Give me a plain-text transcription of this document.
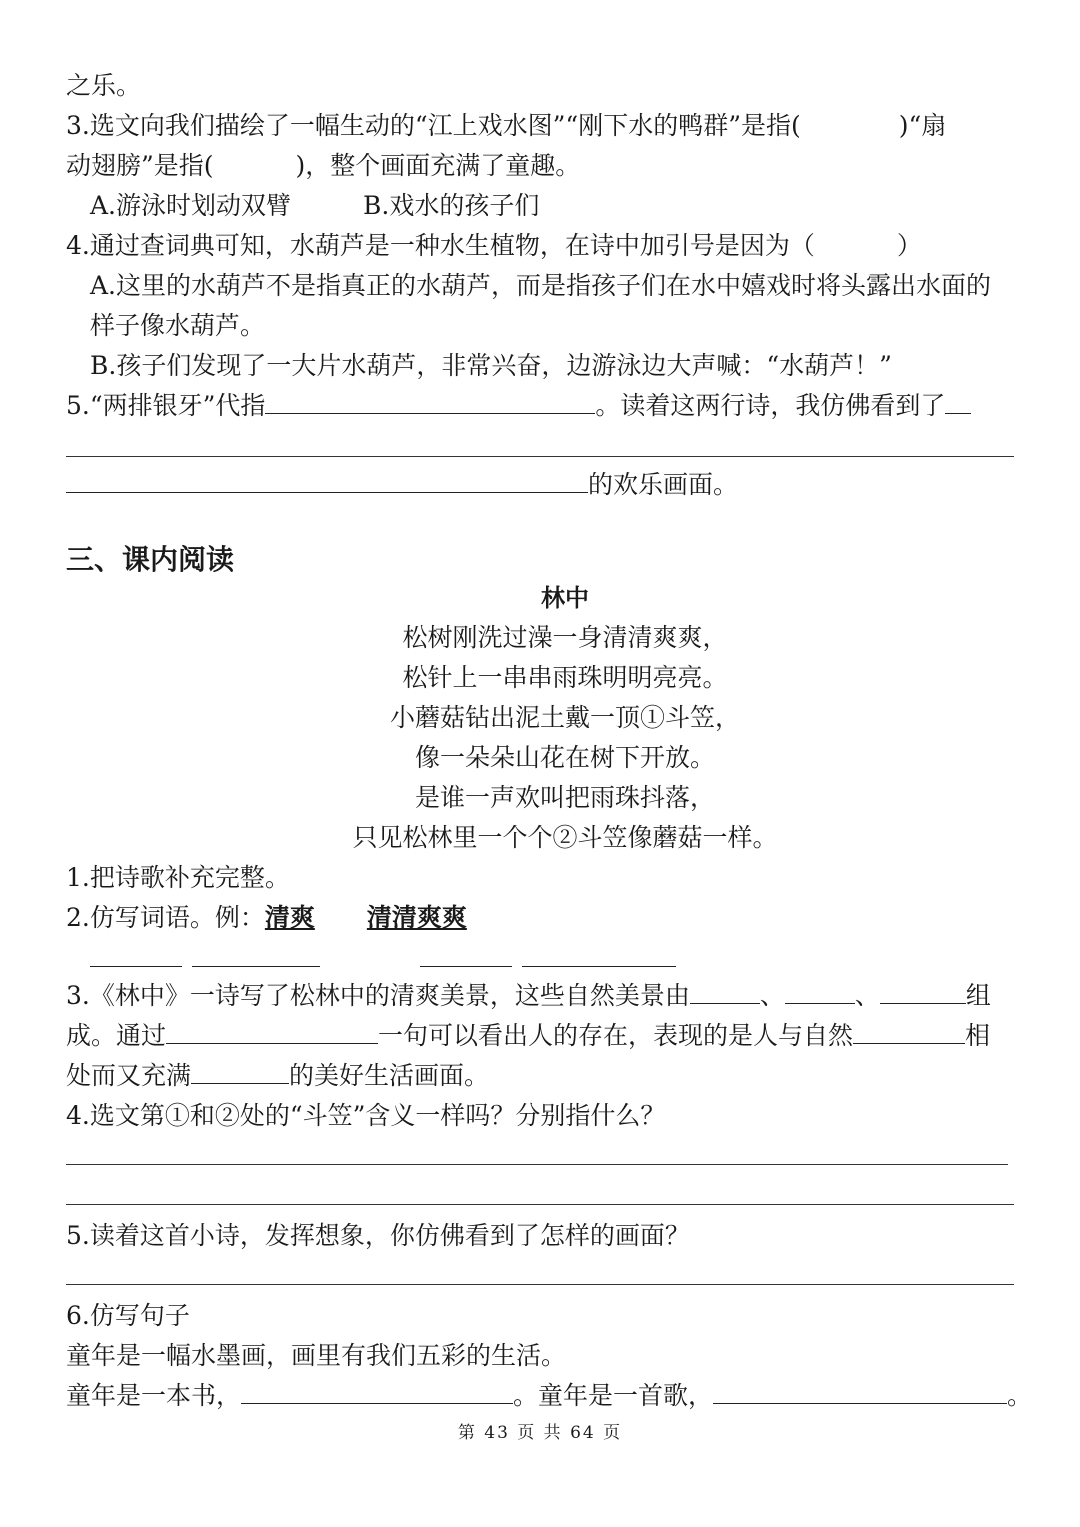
之乐。
3.选文向我们描绘了一幅生动的“江上戏水图”“刚下水的鸭群”是指(	)“扇
动翅膀”是指(	)，整个画面充满了童趣。
A.游泳时划动双臂	B.戏水的孩子们
4.通过查词典可知，水葫芦是一种水生植物，在诗中加引号是因为（	）
A.这里的水葫芦不是指真正的水葫芦，而是指孩子们在水中嬉戏时将头露出水面的
样子像水葫芦。
B.孩子们发现了一大片水葫芦，非常兴奋，边游泳边大声喊：“水葫芦！”
5.“两排银牙”代指	。读着这两行诗，我仿佛看到了
的欢乐画面。
三、课内阅读
林中
松树刚洗过澡一身清清爽爽，
松针上一串串雨珠明明亮亮。
小蘑菇钻出泥土戴一顶①斗笠，
像一朵朵山花在树下开放。
是谁一声欢叫把雨珠抖落，
只见松林里一个个②斗笠像蘑菇一样。
1.把诗歌补充完整。
2.仿写词语。例：清爽 清清爽爽
3.《林中》一诗写了松林中的清爽美景，这些自然美景由	、	、	组
成。通过	一句可以看出人的存在，表现的是人与自然	相
处而又充满	的美好生活画面。
4.选文第①和②处的“斗笠”含义一样吗？分别指什么？
5.读着这首小诗，发挥想象，你仿佛看到了怎样的画面？
6.仿写句子
童年是一幅水墨画，画里有我们五彩的生活。
童年是一本书，	。童年是一首歌，	。
第 43 页 共 64 页
